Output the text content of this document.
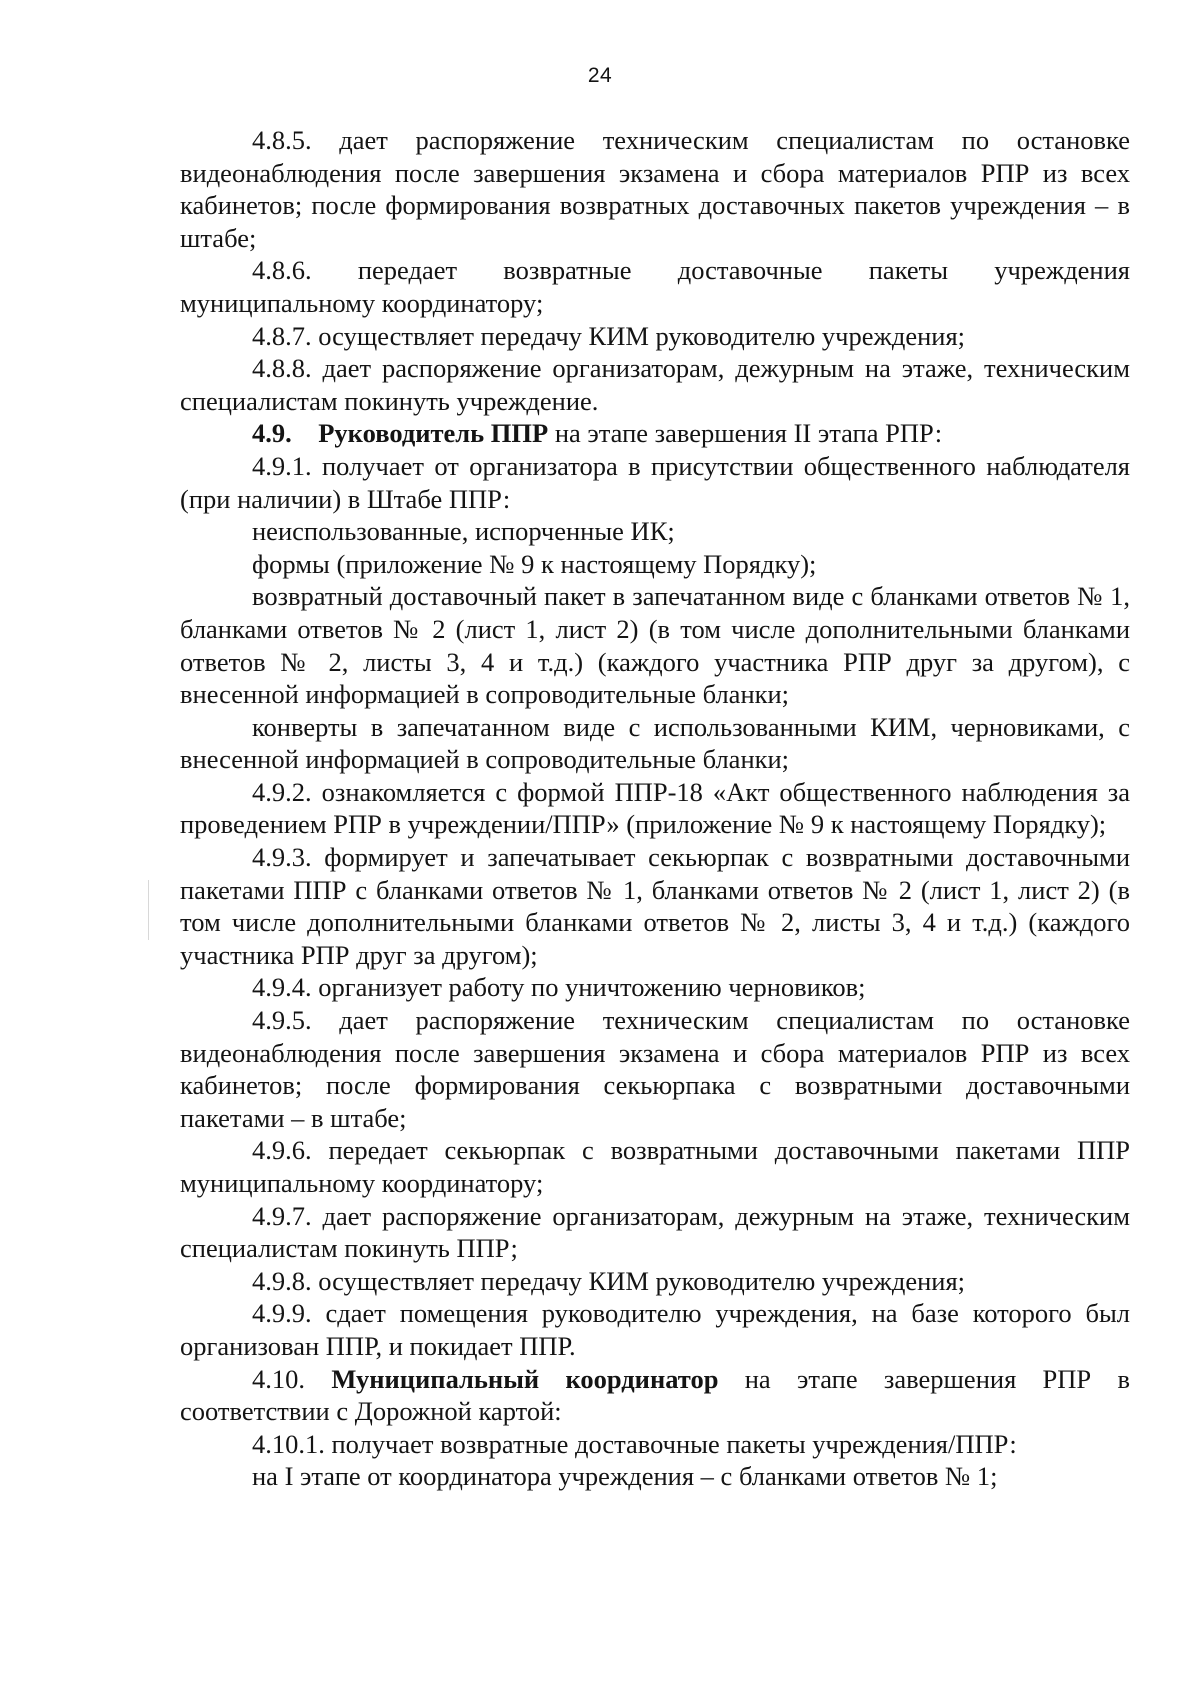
24

4.8.5. дает распоряжение техническим специалистам по остановке видеонаблюдения после завершения экзамена и сбора материалов РПР из всех кабинетов; после формирования возвратных доставочных пакетов учреждения – в штабе;

4.8.6. передает возвратные доставочные пакеты учреждения муниципальному координатору;

4.8.7. осуществляет передачу КИМ руководителю учреждения;

4.8.8. дает распоряжение организаторам, дежурным на этаже, техническим специалистам покинуть учреждение.

4.9.    Руководитель ППР на этапе завершения II этапа РПР:

4.9.1. получает от организатора в присутствии общественного наблюдателя (при наличии) в Штабе ППР:

неиспользованные, испорченные ИК;

формы (приложение № 9 к настоящему Порядку);

возвратный доставочный пакет в запечатанном виде с бланками ответов № 1, бланками ответов № 2 (лист 1, лист 2) (в том числе дополнительными бланками ответов № 2, листы 3, 4 и т.д.) (каждого участника РПР друг за другом), с внесенной информацией в сопроводительные бланки;

конверты в запечатанном виде с использованными КИМ, черновиками, с внесенной информацией в сопроводительные бланки;

4.9.2. ознакомляется с формой ППР-18 «Акт общественного наблюдения за проведением РПР в учреждении/ППР» (приложение № 9 к настоящему Порядку);

4.9.3. формирует и запечатывает секьюрпак с возвратными доставочными пакетами ППР с бланками ответов № 1, бланками ответов № 2 (лист 1, лист 2) (в том числе дополнительными бланками ответов № 2, листы 3, 4 и т.д.) (каждого участника РПР друг за другом);

4.9.4. организует работу по уничтожению черновиков;

4.9.5. дает распоряжение техническим специалистам по остановке видеонаблюдения после завершения экзамена и сбора материалов РПР из всех кабинетов; после формирования секьюрпака с возвратными доставочными пакетами – в штабе;

4.9.6. передает секьюрпак с возвратными доставочными пакетами ППР муниципальному координатору;

4.9.7. дает распоряжение организаторам, дежурным на этаже, техническим специалистам покинуть ППР;

4.9.8. осуществляет передачу КИМ руководителю учреждения;

4.9.9. сдает помещения руководителю учреждения, на базе которого был организован ППР, и покидает ППР.

4.10. Муниципальный координатор на этапе завершения РПР в соответствии с Дорожной картой:

4.10.1. получает возвратные доставочные пакеты учреждения/ППР:

на I этапе от координатора учреждения – с бланками ответов № 1;
